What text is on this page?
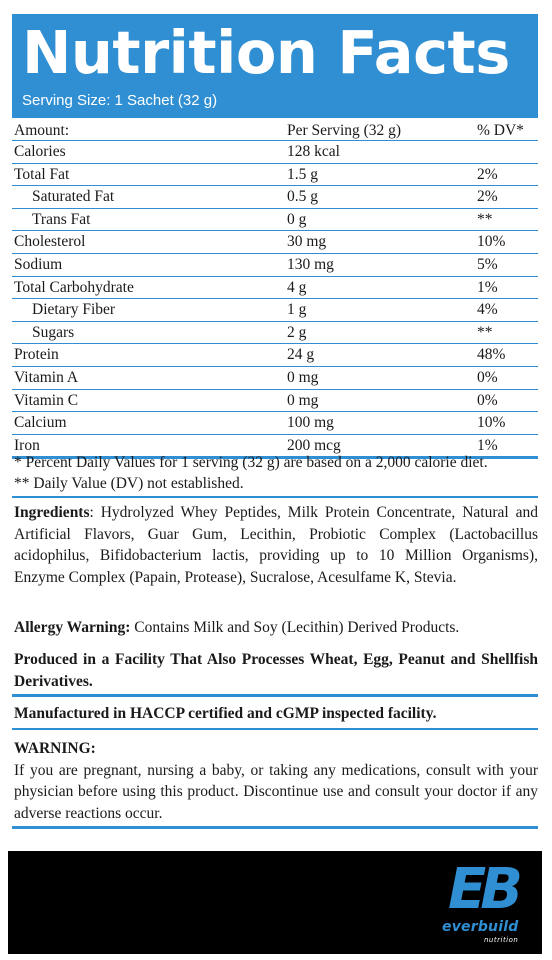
Nutrition Facts
Serving Size: 1 Sachet (32 g)
Amount:	Per Serving (32 g)	% DV*
Calories	128 kcal
Total Fat	1.5 g	2%
Saturated Fat	0.5 g	2%
Trans Fat	0 g	**
Cholesterol	30 mg	10%
Sodium	130 mg	5%
Total Carbohydrate	4 g	1%
Dietary Fiber	1 g	4%
Sugars	2 g	**
Protein	24 g	48%
Vitamin A	0 mg	0%
Vitamin C	0 mg	0%
Calcium	100 mg	10%
Iron	200 mcg	1%
* Percent Daily Values for 1 serving (32 g) are based on a 2,000 calorie diet.
** Daily Value (DV) not established.
Ingredients: Hydrolyzed Whey Peptides, Milk Protein Concentrate, Natural and Artificial Flavors, Guar Gum, Lecithin, Probiotic Complex (Lactobacillus acidophilus, Bifidobacterium lactis, providing up to 10 Million Organisms), Enzyme Complex (Papain, Protease), Sucralose, Acesulfame K, Stevia.
Allergy Warning: Contains Milk and Soy (Lecithin) Derived Products.
Produced in a Facility That Also Processes Wheat, Egg, Peanut and Shellfish Derivatives.
Manufactured in HACCP certified and cGMP inspected facility.
WARNING:
If you are pregnant, nursing a baby, or taking any medications, consult with your physician before using this product. Discontinue use and consult your doctor if any adverse reactions occur.
EB
everbuild
nutrition
